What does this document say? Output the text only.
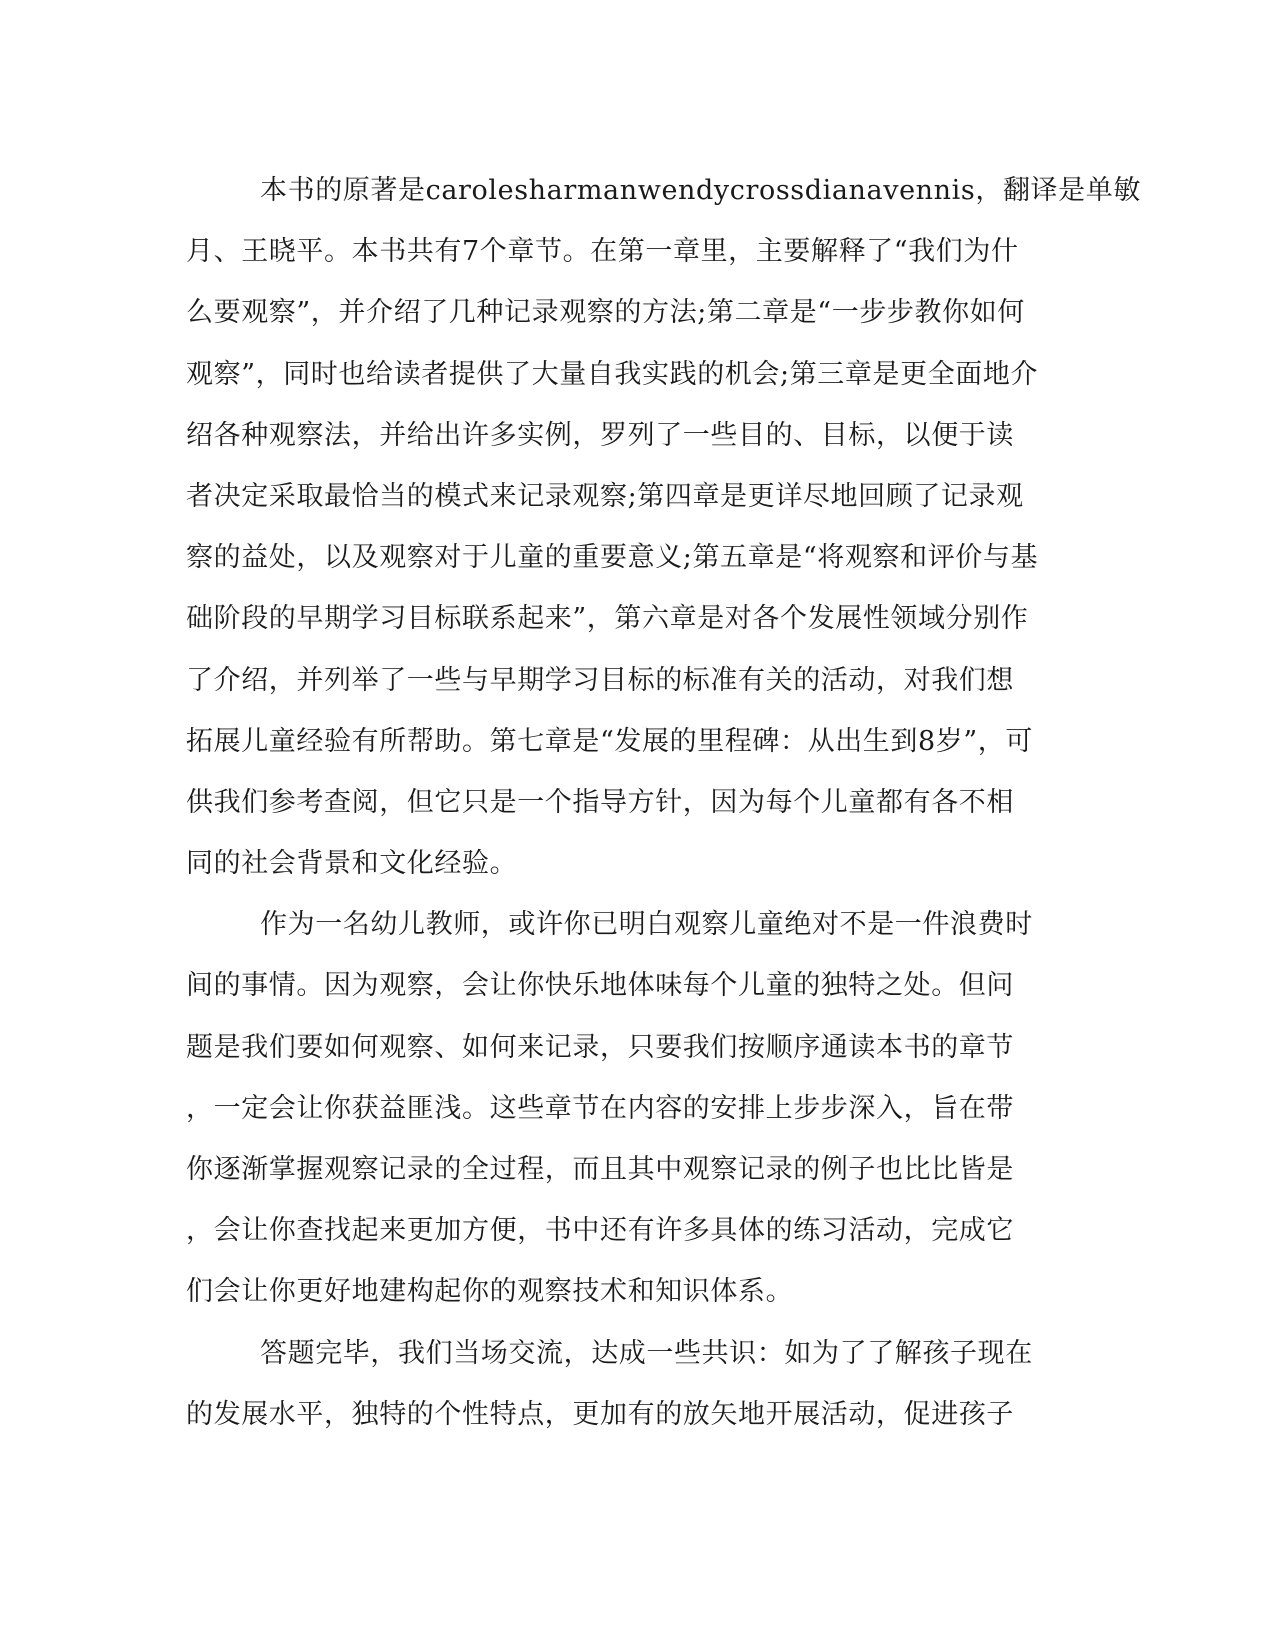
本书的原著是carolesharmanwendycrossdianavennis，翻译是单敏
月、王晓平。本书共有7个章节。在第一章里，主要解释了“我们为什
么要观察”，并介绍了几种记录观察的方法;第二章是“一步步教你如何
观察”，同时也给读者提供了大量自我实践的机会;第三章是更全面地介
绍各种观察法，并给出许多实例，罗列了一些目的、目标，以便于读
者决定采取最恰当的模式来记录观察;第四章是更详尽地回顾了记录观
察的益处，以及观察对于儿童的重要意义;第五章是“将观察和评价与基
础阶段的早期学习目标联系起来”，第六章是对各个发展性领域分别作
了介绍，并列举了一些与早期学习目标的标准有关的活动，对我们想
拓展儿童经验有所帮助。第七章是“发展的里程碑：从出生到8岁”，可
供我们参考查阅，但它只是一个指导方针，因为每个儿童都有各不相
同的社会背景和文化经验。
作为一名幼儿教师，或许你已明白观察儿童绝对不是一件浪费时
间的事情。因为观察，会让你快乐地体味每个儿童的独特之处。但问
题是我们要如何观察、如何来记录，只要我们按顺序通读本书的章节
，一定会让你获益匪浅。这些章节在内容的安排上步步深入，旨在带
你逐渐掌握观察记录的全过程，而且其中观察记录的例子也比比皆是
，会让你查找起来更加方便，书中还有许多具体的练习活动，完成它
们会让你更好地建构起你的观察技术和知识体系。
答题完毕，我们当场交流，达成一些共识：如为了了解孩子现在
的发展水平，独特的个性特点，更加有的放矢地开展活动，促进孩子
